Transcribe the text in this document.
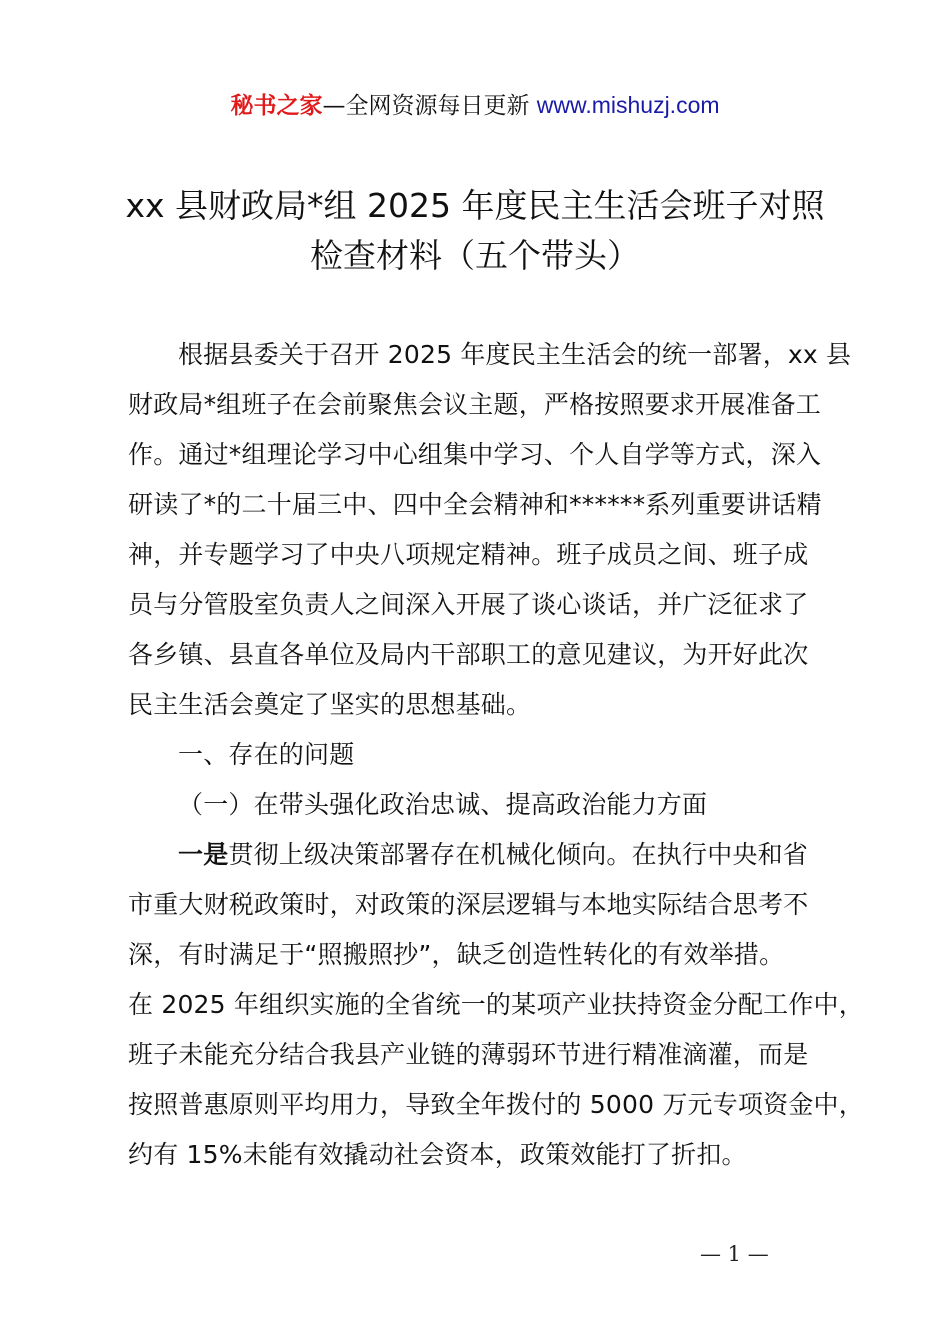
秘书之家—全网资源每日更新 www.mishuzj.com
xx 县财政局*组 2025 年度民主生活会班子对照
检查材料（五个带头）
根据县委关于召开 2025 年度民主生活会的统一部署，xx 县
财政局*组班子在会前聚焦会议主题，严格按照要求开展准备工
作。通过*组理论学习中心组集中学习、个人自学等方式，深入
研读了*的二十届三中、四中全会精神和******系列重要讲话精
神，并专题学习了中央八项规定精神。班子成员之间、班子成
员与分管股室负责人之间深入开展了谈心谈话，并广泛征求了
各乡镇、县直各单位及局内干部职工的意见建议，为开好此次
民主生活会奠定了坚实的思想基础。
一、存在的问题
（一）在带头强化政治忠诚、提高政治能力方面
一是贯彻上级决策部署存在机械化倾向。在执行中央和省
市重大财税政策时，对政策的深层逻辑与本地实际结合思考不
深，有时满足于“照搬照抄”，缺乏创造性转化的有效举措。
在 2025 年组织实施的全省统一的某项产业扶持资金分配工作中，
班子未能充分结合我县产业链的薄弱环节进行精准滴灌，而是
按照普惠原则平均用力，导致全年拨付的 5000 万元专项资金中，
约有 15%未能有效撬动社会资本，政策效能打了折扣。
— 1 —
